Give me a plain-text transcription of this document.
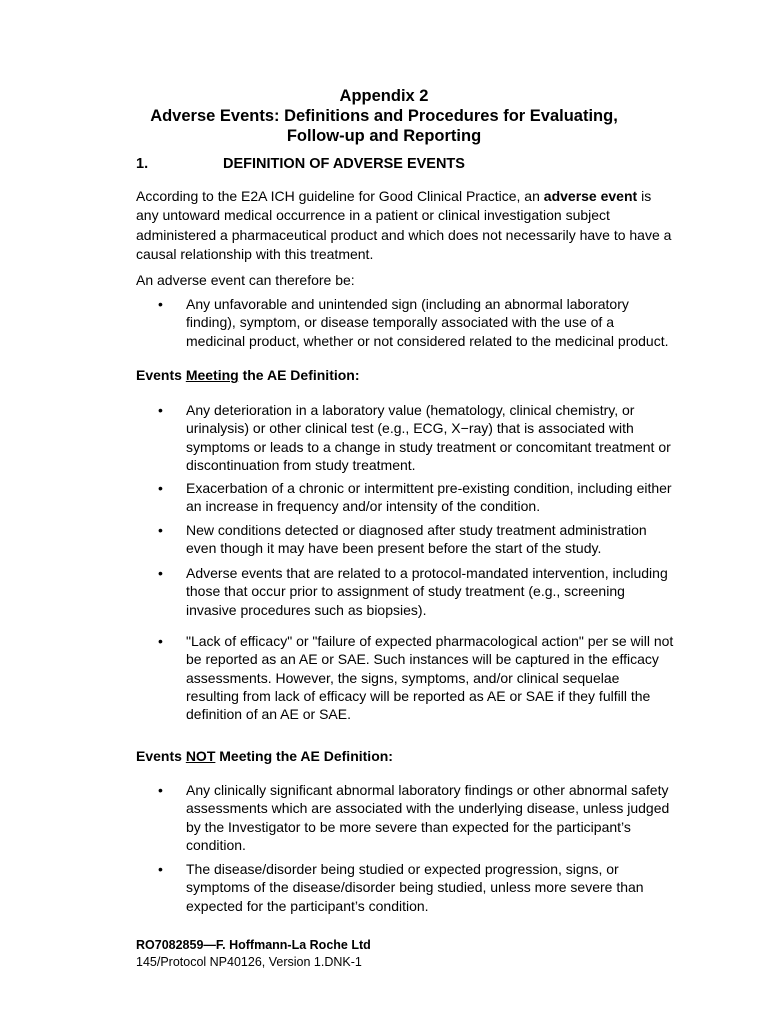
Appendix 2
Adverse Events: Definitions and Procedures for Evaluating,
Follow-up and Reporting
1.	DEFINITION OF ADVERSE EVENTS

According to the E2A ICH guideline for Good Clinical Practice, an adverse event is any untoward medical occurrence in a patient or clinical investigation subject administered a pharmaceutical product and which does not necessarily have to have a causal relationship with this treatment.

An adverse event can therefore be:

• Any unfavorable and unintended sign (including an abnormal laboratory finding), symptom, or disease temporally associated with the use of a medicinal product, whether or not considered related to the medicinal product.
Events Meeting the AE Definition:
• Any deterioration in a laboratory value (hematology, clinical chemistry, or urinalysis) or other clinical test (e.g., ECG, X−ray) that is associated with symptoms or leads to a change in study treatment or concomitant treatment or discontinuation from study treatment.
• Exacerbation of a chronic or intermittent pre-existing condition, including either an increase in frequency and/or intensity of the condition.
• New conditions detected or diagnosed after study treatment administration even though it may have been present before the start of the study.
• Adverse events that are related to a protocol-mandated intervention, including those that occur prior to assignment of study treatment (e.g., screening invasive procedures such as biopsies).
• "Lack of efficacy" or "failure of expected pharmacological action" per se will not be reported as an AE or SAE. Such instances will be captured in the efficacy assessments. However, the signs, symptoms, and/or clinical sequelae resulting from lack of efficacy will be reported as AE or SAE if they fulfill the definition of an AE or SAE.
Events NOT Meeting the AE Definition:
• Any clinically significant abnormal laboratory findings or other abnormal safety assessments which are associated with the underlying disease, unless judged by the Investigator to be more severe than expected for the participant’s condition.
• The disease/disorder being studied or expected progression, signs, or symptoms of the disease/disorder being studied, unless more severe than expected for the participant’s condition.
RO7082859—F. Hoffmann-La Roche Ltd
145/Protocol NP40126, Version 1.DNK-1
